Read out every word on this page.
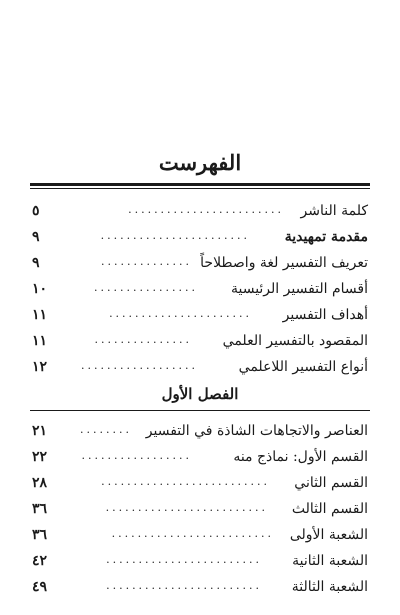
الفهرست
كلمة الناشر
........................
٥
مقدمة تمهيدية
.......................
٩
تعريف التفسير لغة واصطلاحاً
..............
٩
أقسام التفسير الرئيسية
................
١٠
أهداف التفسير
......................
١١
المقصود بالتفسير العلمي
...............
١١
أنواع التفسير اللاعلمي
..................
١٢
الفصل الأول
العناصر والاتجاهات الشاذة في التفسير
........
٢١
القسم الأول: نماذج منه
.................
٢٢
القسم الثاني
..........................
٢٨
القسم الثالث
.........................
٣٦
الشعبة الأولى
.........................
٣٦
الشعبة الثانية
........................
٤٢
الشعبة الثالثة
........................
٤٩
